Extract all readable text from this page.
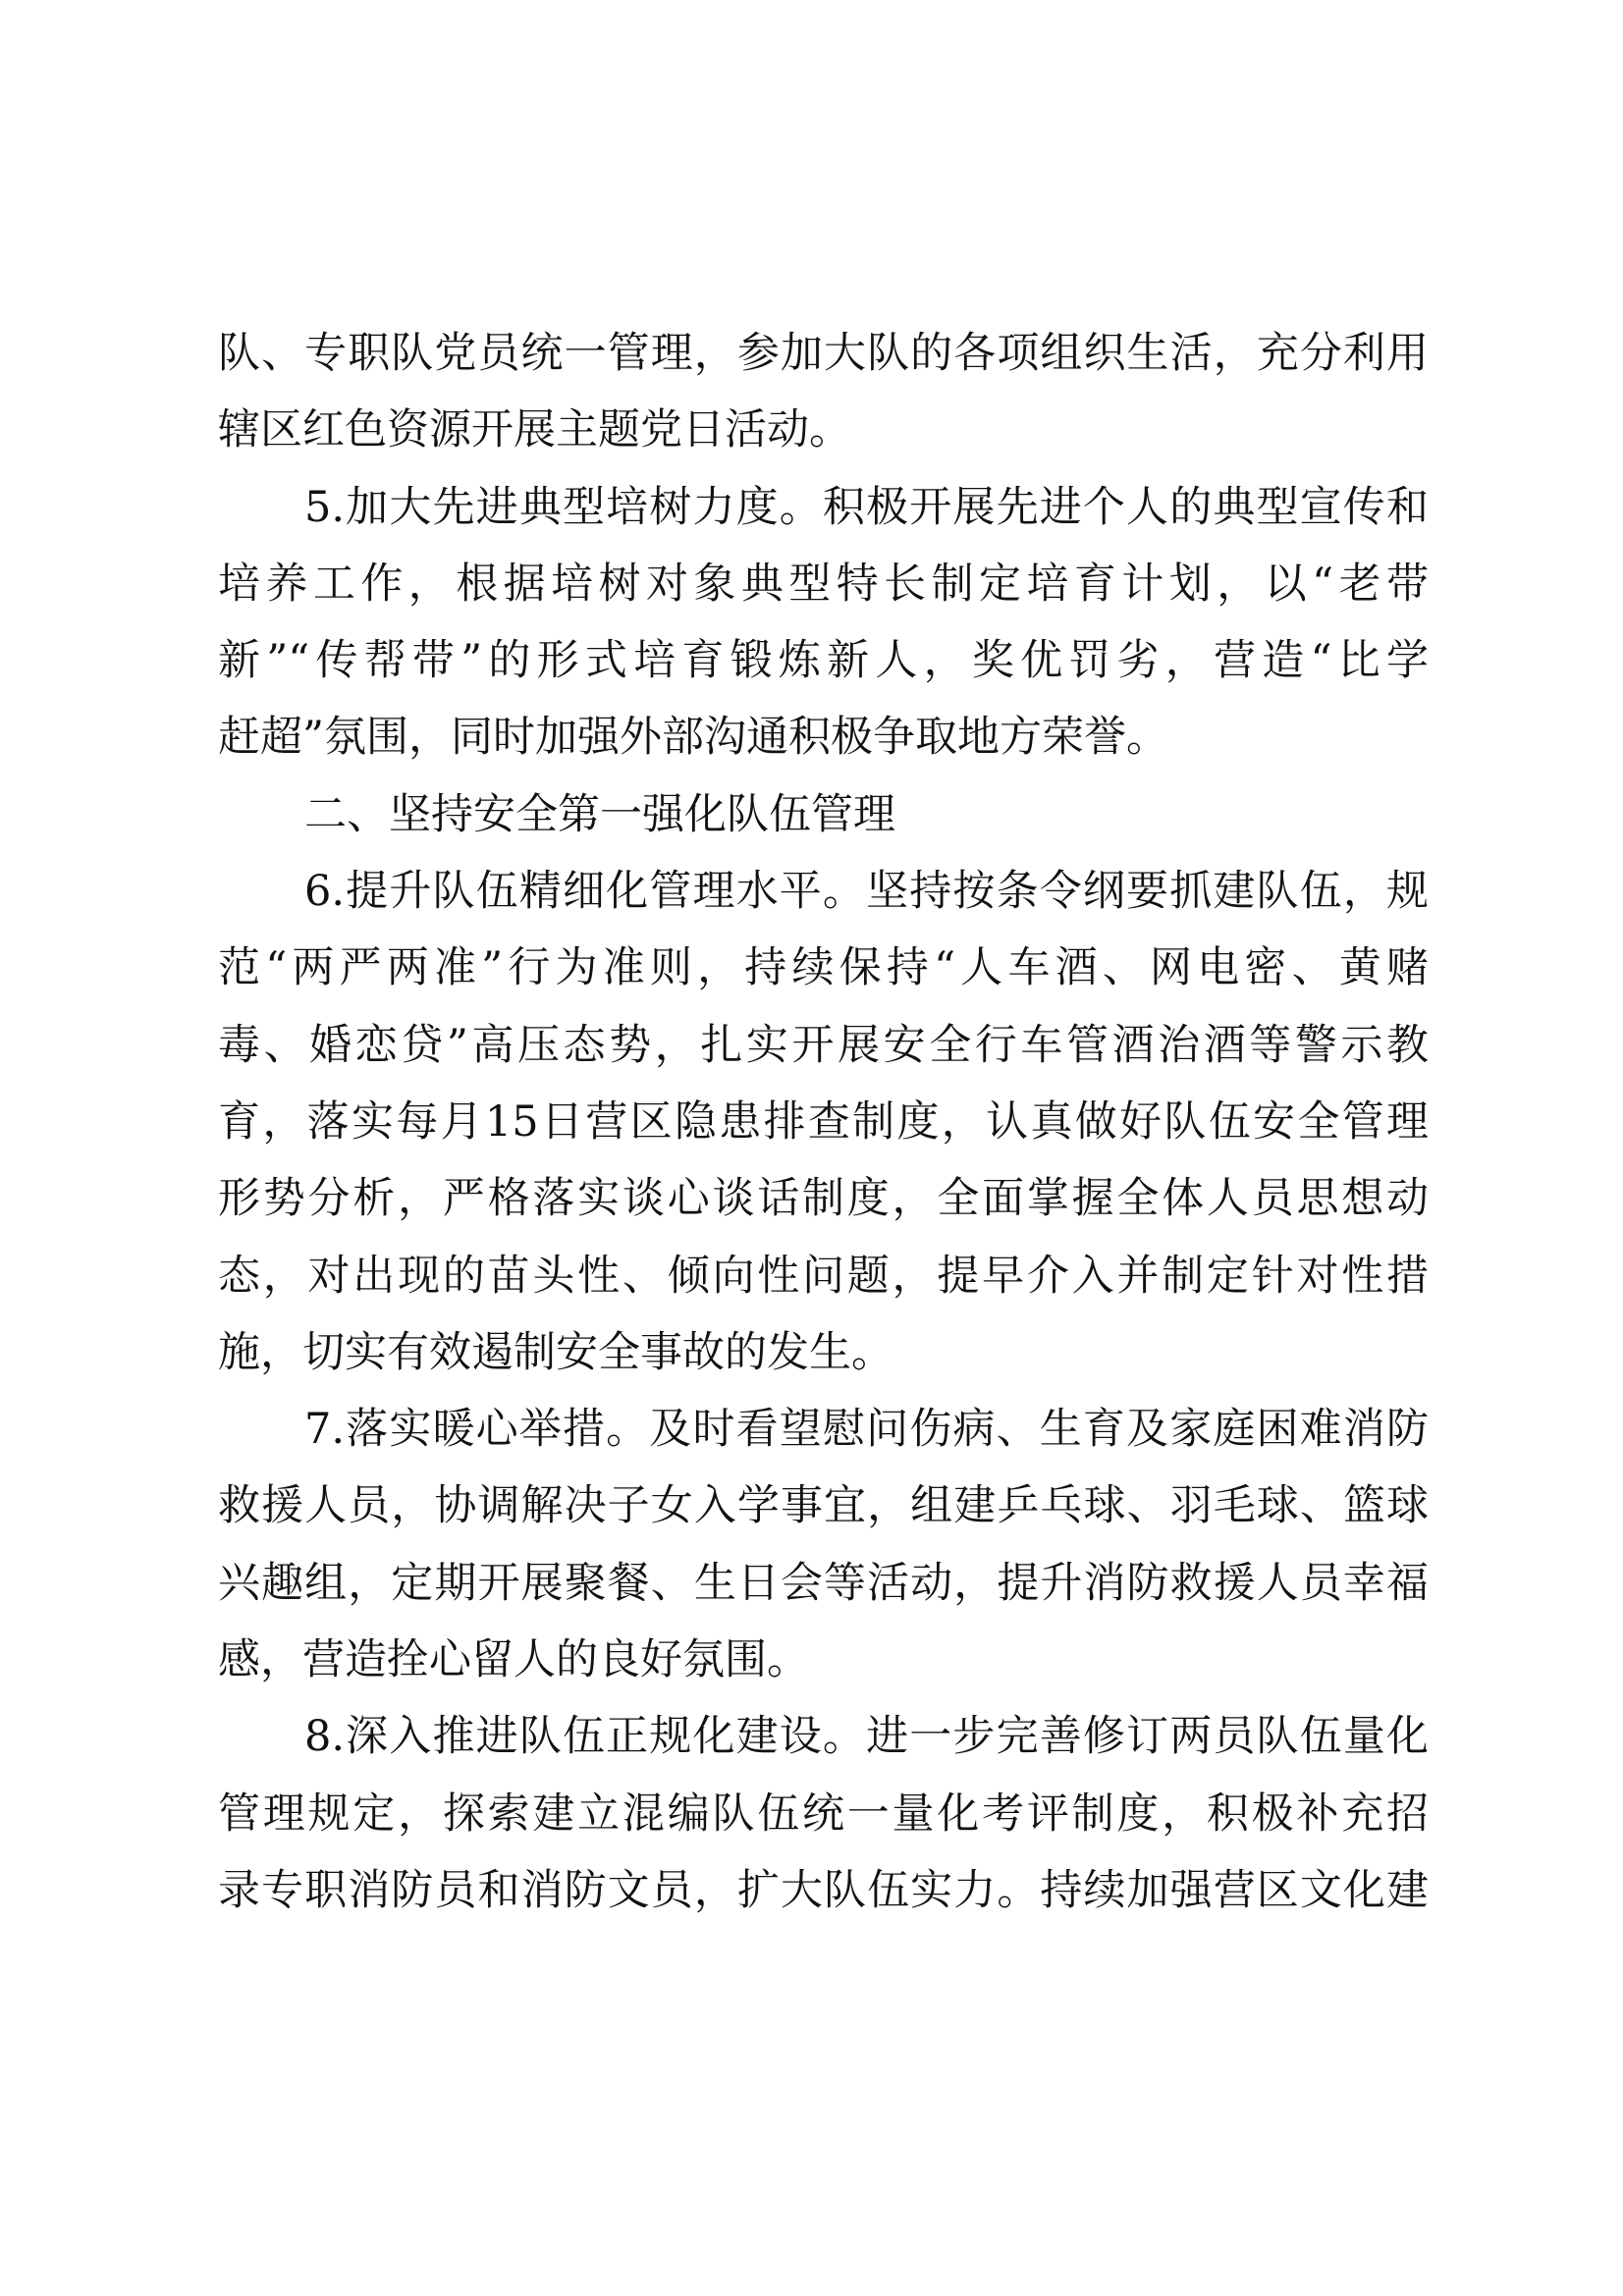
队、专职队党员统一管理，参加大队的各项组织生活，充分利用
辖区红色资源开展主题党日活动。
5.加大先进典型培树力度。积极开展先进个人的典型宣传和
培养工作，根据培树对象典型特长制定培育计划，以“老带
新”“传帮带”的形式培育锻炼新人，奖优罚劣，营造“比学
赶超”氛围，同时加强外部沟通积极争取地方荣誉。
二、坚持安全第一强化队伍管理
6.提升队伍精细化管理水平。坚持按条令纲要抓建队伍，规
范“两严两准”行为准则，持续保持“人车酒、网电密、黄赌
毒、婚恋贷”高压态势，扎实开展安全行车管酒治酒等警示教
育，落实每月15日营区隐患排查制度，认真做好队伍安全管理
形势分析，严格落实谈心谈话制度，全面掌握全体人员思想动
态，对出现的苗头性、倾向性问题，提早介入并制定针对性措
施，切实有效遏制安全事故的发生。
7.落实暖心举措。及时看望慰问伤病、生育及家庭困难消防
救援人员，协调解决子女入学事宜，组建乒乓球、羽毛球、篮球
兴趣组，定期开展聚餐、生日会等活动，提升消防救援人员幸福
感，营造拴心留人的良好氛围。
8.深入推进队伍正规化建设。进一步完善修订两员队伍量化
管理规定，探索建立混编队伍统一量化考评制度，积极补充招
录专职消防员和消防文员，扩大队伍实力。持续加强营区文化建
